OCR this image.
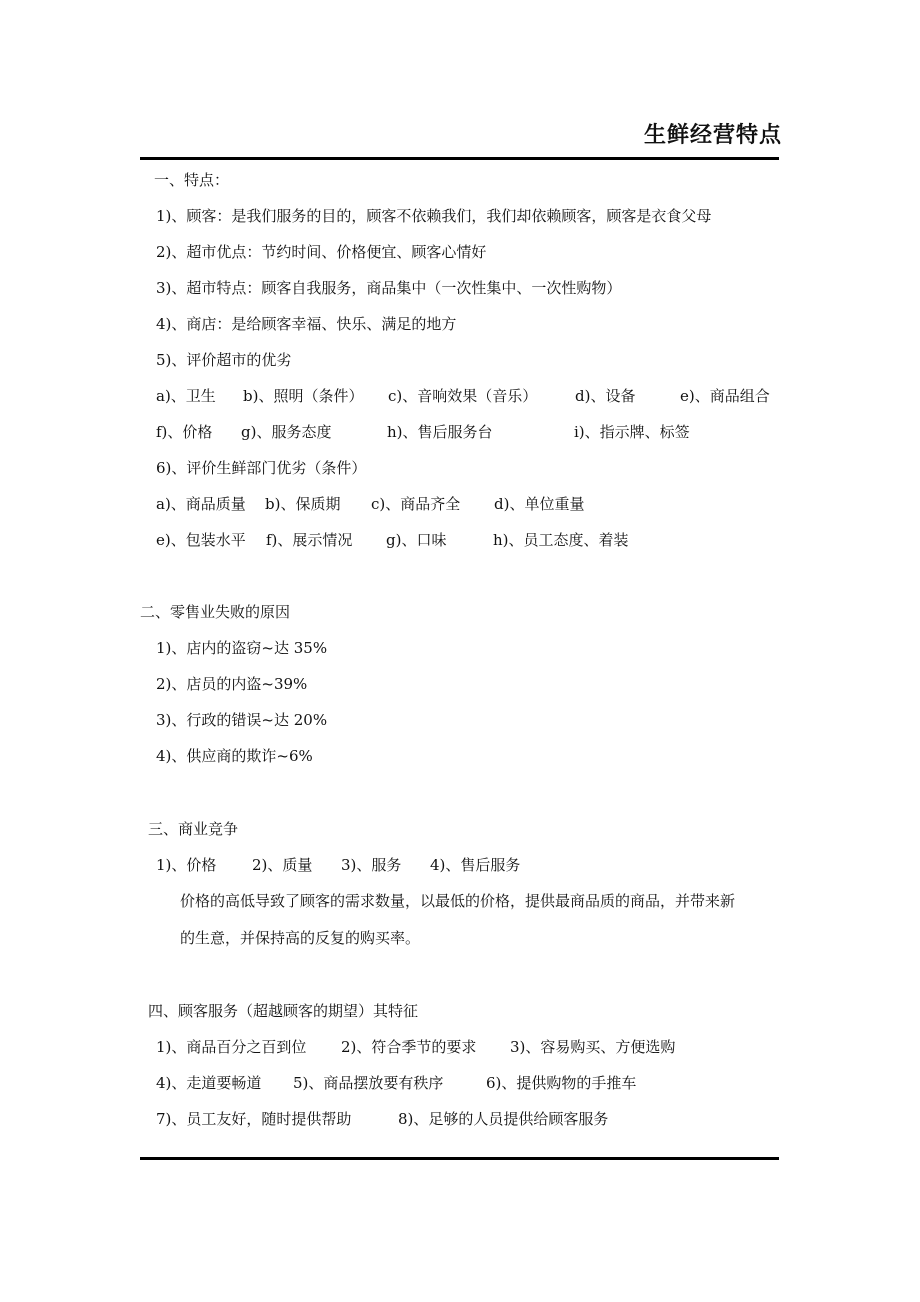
生鲜经营特点
一、特点：
1)、顾客：是我们服务的目的，顾客不依赖我们，我们却依赖顾客，顾客是衣食父母
2)、超市优点：节约时间、价格便宜、顾客心情好
3)、超市特点：顾客自我服务，商品集中（一次性集中、一次性购物）
4)、商店：是给顾客幸福、快乐、满足的地方
5)、评价超市的优劣
a)、卫生 b)、照明（条件） c)、音响效果（音乐）	d)、设备	e)、商品组合
f)、价格 g)、服务态度	h)、售后服务台	i)、指示牌、标签
6)、评价生鲜部门优劣（条件）
a)、商品质量 b)、保质期 c)、商品齐全 d)、单位重量
e)、包装水平 f)、展示情况 g)、口味	h)、员工态度、着装
二、零售业失败的原因
1)、店内的盗窃~达 35%
2)、店员的内盗~39%
3)、行政的错误~达 20%
4)、供应商的欺诈~6%
三、商业竞争
1)、价格 2)、质量 3)、服务 4)、售后服务
价格的高低导致了顾客的需求数量，以最低的价格，提供最商品质的商品，并带来新
的生意，并保持高的反复的购买率。
四、顾客服务（超越顾客的期望）其特征
1)、商品百分之百到位 2)、符合季节的要求 3)、容易购买、方便选购
4)、走道要畅道 5)、商品摆放要有秩序	6)、提供购物的手推车
7)、员工友好，随时提供帮助	8)、足够的人员提供给顾客服务
